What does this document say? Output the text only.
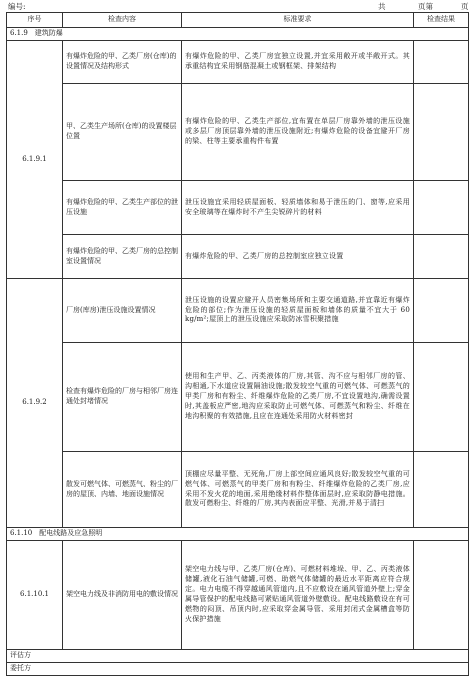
编号:	共	页第	页
序号	检查内容	标准要求	检查结果
6.1.9　建筑防爆			
6.1.9.1	有爆炸危险的甲、乙类厂房(仓库)的设置情况及结构形式	有爆炸危险的甲、乙类厂房宜独立设置,并宜采用敞开或半敞开式。其承重结构宜采用钢筋混凝土或钢框架、排架结构	
	甲、乙类生产场所(仓库)的设置楼层位置	有爆炸危险的甲、乙类生产部位,宜布置在单层厂房靠外墙的泄压设施或多层厂房顶层靠外墙的泄压设施附近;有爆炸危险的设备宜避开厂房的梁、柱等主要承重构件布置	
	有爆炸危险的甲、乙类生产部位的泄压设施	泄压设施宜采用轻质屋面板、轻质墙体和易于泄压的门、窗等,应采用安全玻璃等在爆炸时不产生尖锐碎片的材料	
	有爆炸危险的甲、乙类厂房的总控制室设置情况	有爆炸危险的甲、乙类厂房的总控制室应独立设置	
6.1.9.2	厂房(库房)泄压设施设置情况	泄压设施的设置应避开人员密集场所和主要交通道路,并宜靠近有爆炸危险的部位;作为泄压设施的轻质屋面板和墙体的质量不宜大于 60 kg/m²;屋顶上的泄压设施应采取防冰雪积聚措施	
	检查有爆炸危险的厂房与相邻厂房连通处封堵情况	使用和生产甲、乙、丙类液体的厂房,其管、沟不应与相邻厂房的管、沟相通,下水道应设置隔油设施;散发较空气重的可燃气体、可燃蒸气的甲类厂房和有粉尘、纤维爆炸危险的乙类厂房,不宜设置地沟,确需设置时,其盖板应严密,地沟应采取防止可燃气体、可燃蒸气和粉尘、纤维在地沟积聚的有效措施,且应在连通处采用防火材料密封	
	散发可燃气体、可燃蒸气、粉尘的厂房的屋顶、内墙、地面设施情况	顶棚应尽量平整、无死角,厂房上部空间应通风良好;散发较空气重的可燃气体、可燃蒸气的甲类厂房和有粉尘、纤维爆炸危险的乙类厂房,应采用不发火花的地面,采用绝缘材料作整体面层时,应采取防静电措施。散发可燃粉尘、纤维的厂房,其内表面应平整、光滑,并易于清扫	
6.1.10　配电线路及应急照明			
6.1.10.1	架空电力线及非消防用电的敷设情况	架空电力线与甲、乙类厂房(仓库)、可燃材料堆垛、甲、乙、丙类液体储罐,液化石油气储罐,可燃、助燃气体储罐的最近水平距离应符合规定。电力电缆不得穿越通风管道内,且不应敷设在通风管道外壁上;穿金属导管保护的配电线路可紧贴通风管道外壁敷设。配电线路敷设在有可燃物的闷顶、吊顶内时,应采取穿金属导管、采用封闭式金属槽盒等防火保护措施	
评估方			
委托方			
